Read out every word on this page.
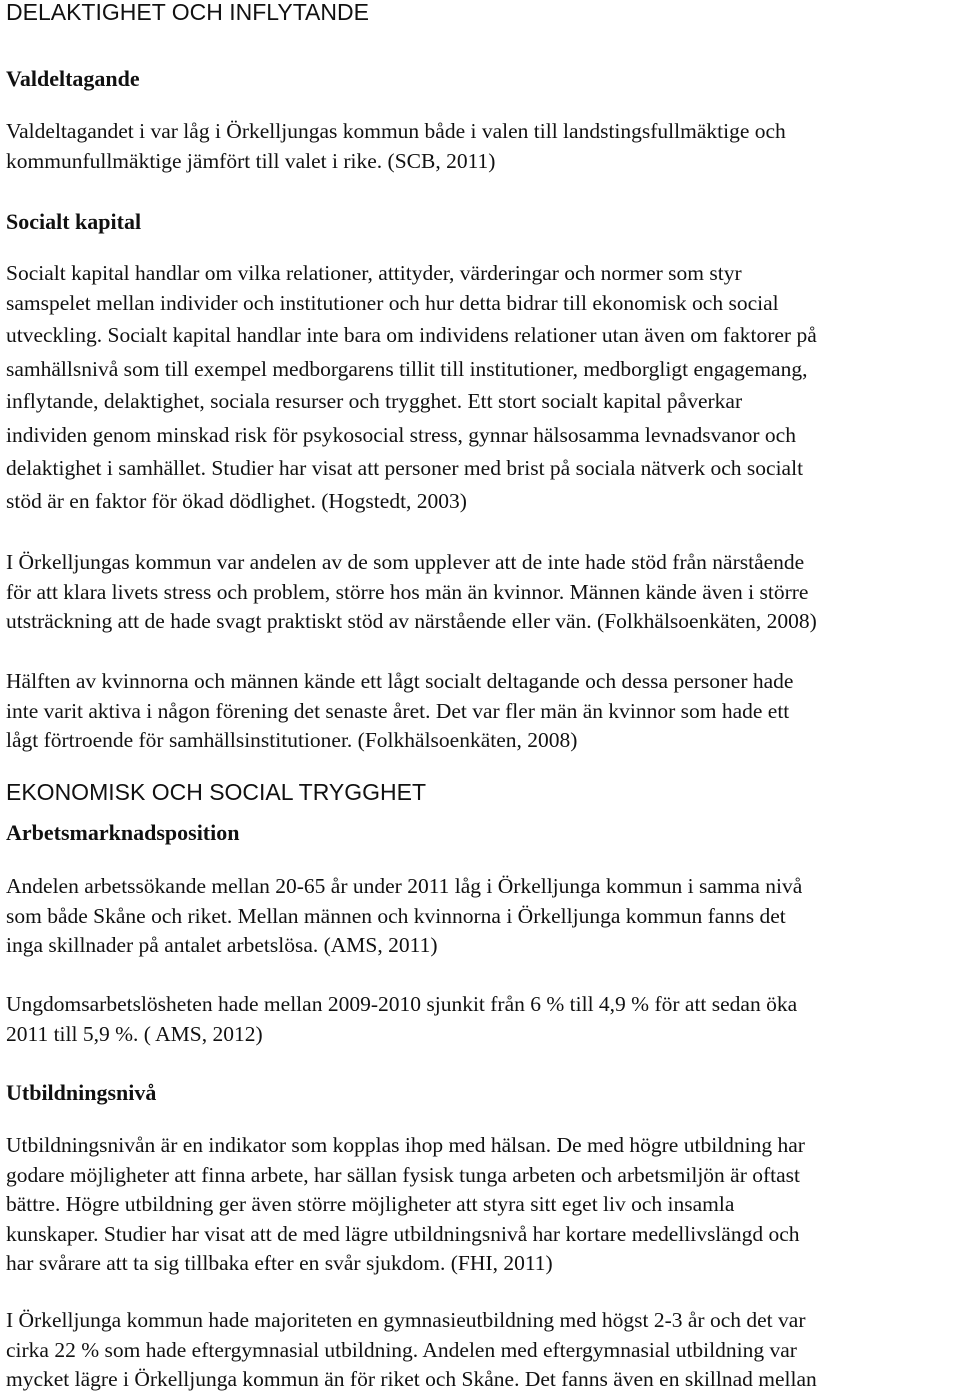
DELAKTIGHET OCH INFLYTANDE
Valdeltagande

Valdeltagandet i var låg i Örkelljungas kommun både i valen till landstingsfullmäktige och
kommunfullmäktige jämfört till valet i rike. (SCB, 2011)

Socialt kapital

Socialt kapital handlar om vilka relationer, attityder, värderingar och normer som styr
samspelet mellan individer och institutioner och hur detta bidrar till ekonomisk och social
utveckling. Socialt kapital handlar inte bara om individens relationer utan även om faktorer på
samhällsnivå som till exempel medborgarens tillit till institutioner, medborgligt engagemang,
inflytande, delaktighet, sociala resurser och trygghet. Ett stort socialt kapital påverkar
individen genom minskad risk för psykosocial stress, gynnar hälsosamma levnadsvanor och
delaktighet i samhället. Studier har visat att personer med brist på sociala nätverk och socialt
stöd är en faktor för ökad dödlighet. (Hogstedt, 2003)

I Örkelljungas kommun var andelen av de som upplever att de inte hade stöd från närstående
för att klara livets stress och problem, större hos män än kvinnor. Männen kände även i större
utsträckning att de hade svagt praktiskt stöd av närstående eller vän. (Folkhälsoenkäten, 2008)

Hälften av kvinnorna och männen kände ett lågt socialt deltagande och dessa personer hade
inte varit aktiva i någon förening det senaste året. Det var fler män än kvinnor som hade ett
lågt förtroende för samhällsinstitutioner. (Folkhälsoenkäten, 2008)

EKONOMISK OCH SOCIAL TRYGGHET
Arbetsmarknadsposition

Andelen arbetssökande mellan 20-65 år under 2011 låg i Örkelljunga kommun i samma nivå
som både Skåne och riket. Mellan männen och kvinnorna i Örkelljunga kommun fanns det
inga skillnader på antalet arbetslösa. (AMS, 2011)

Ungdomsarbetslösheten hade mellan 2009-2010 sjunkit från 6 % till 4,9 % för att sedan öka
2011 till 5,9 %. ( AMS, 2012)

Utbildningsnivå

Utbildningsnivån är en indikator som kopplas ihop med hälsan. De med högre utbildning har
godare möjligheter att finna arbete, har sällan fysisk tunga arbeten och arbetsmiljön är oftast
bättre. Högre utbildning ger även större möjligheter att styra sitt eget liv och insamla
kunskaper. Studier har visat att de med lägre utbildningsnivå har kortare medellivslängd och
har svårare att ta sig tillbaka efter en svår sjukdom. (FHI, 2011)

I Örkelljunga kommun hade majoriteten en gymnasieutbildning med högst 2-3 år och det var
cirka 22 % som hade eftergymnasial utbildning. Andelen med eftergymnasial utbildning var
mycket lägre i Örkelljunga kommun än för riket och Skåne. Det fanns även en skillnad mellan
